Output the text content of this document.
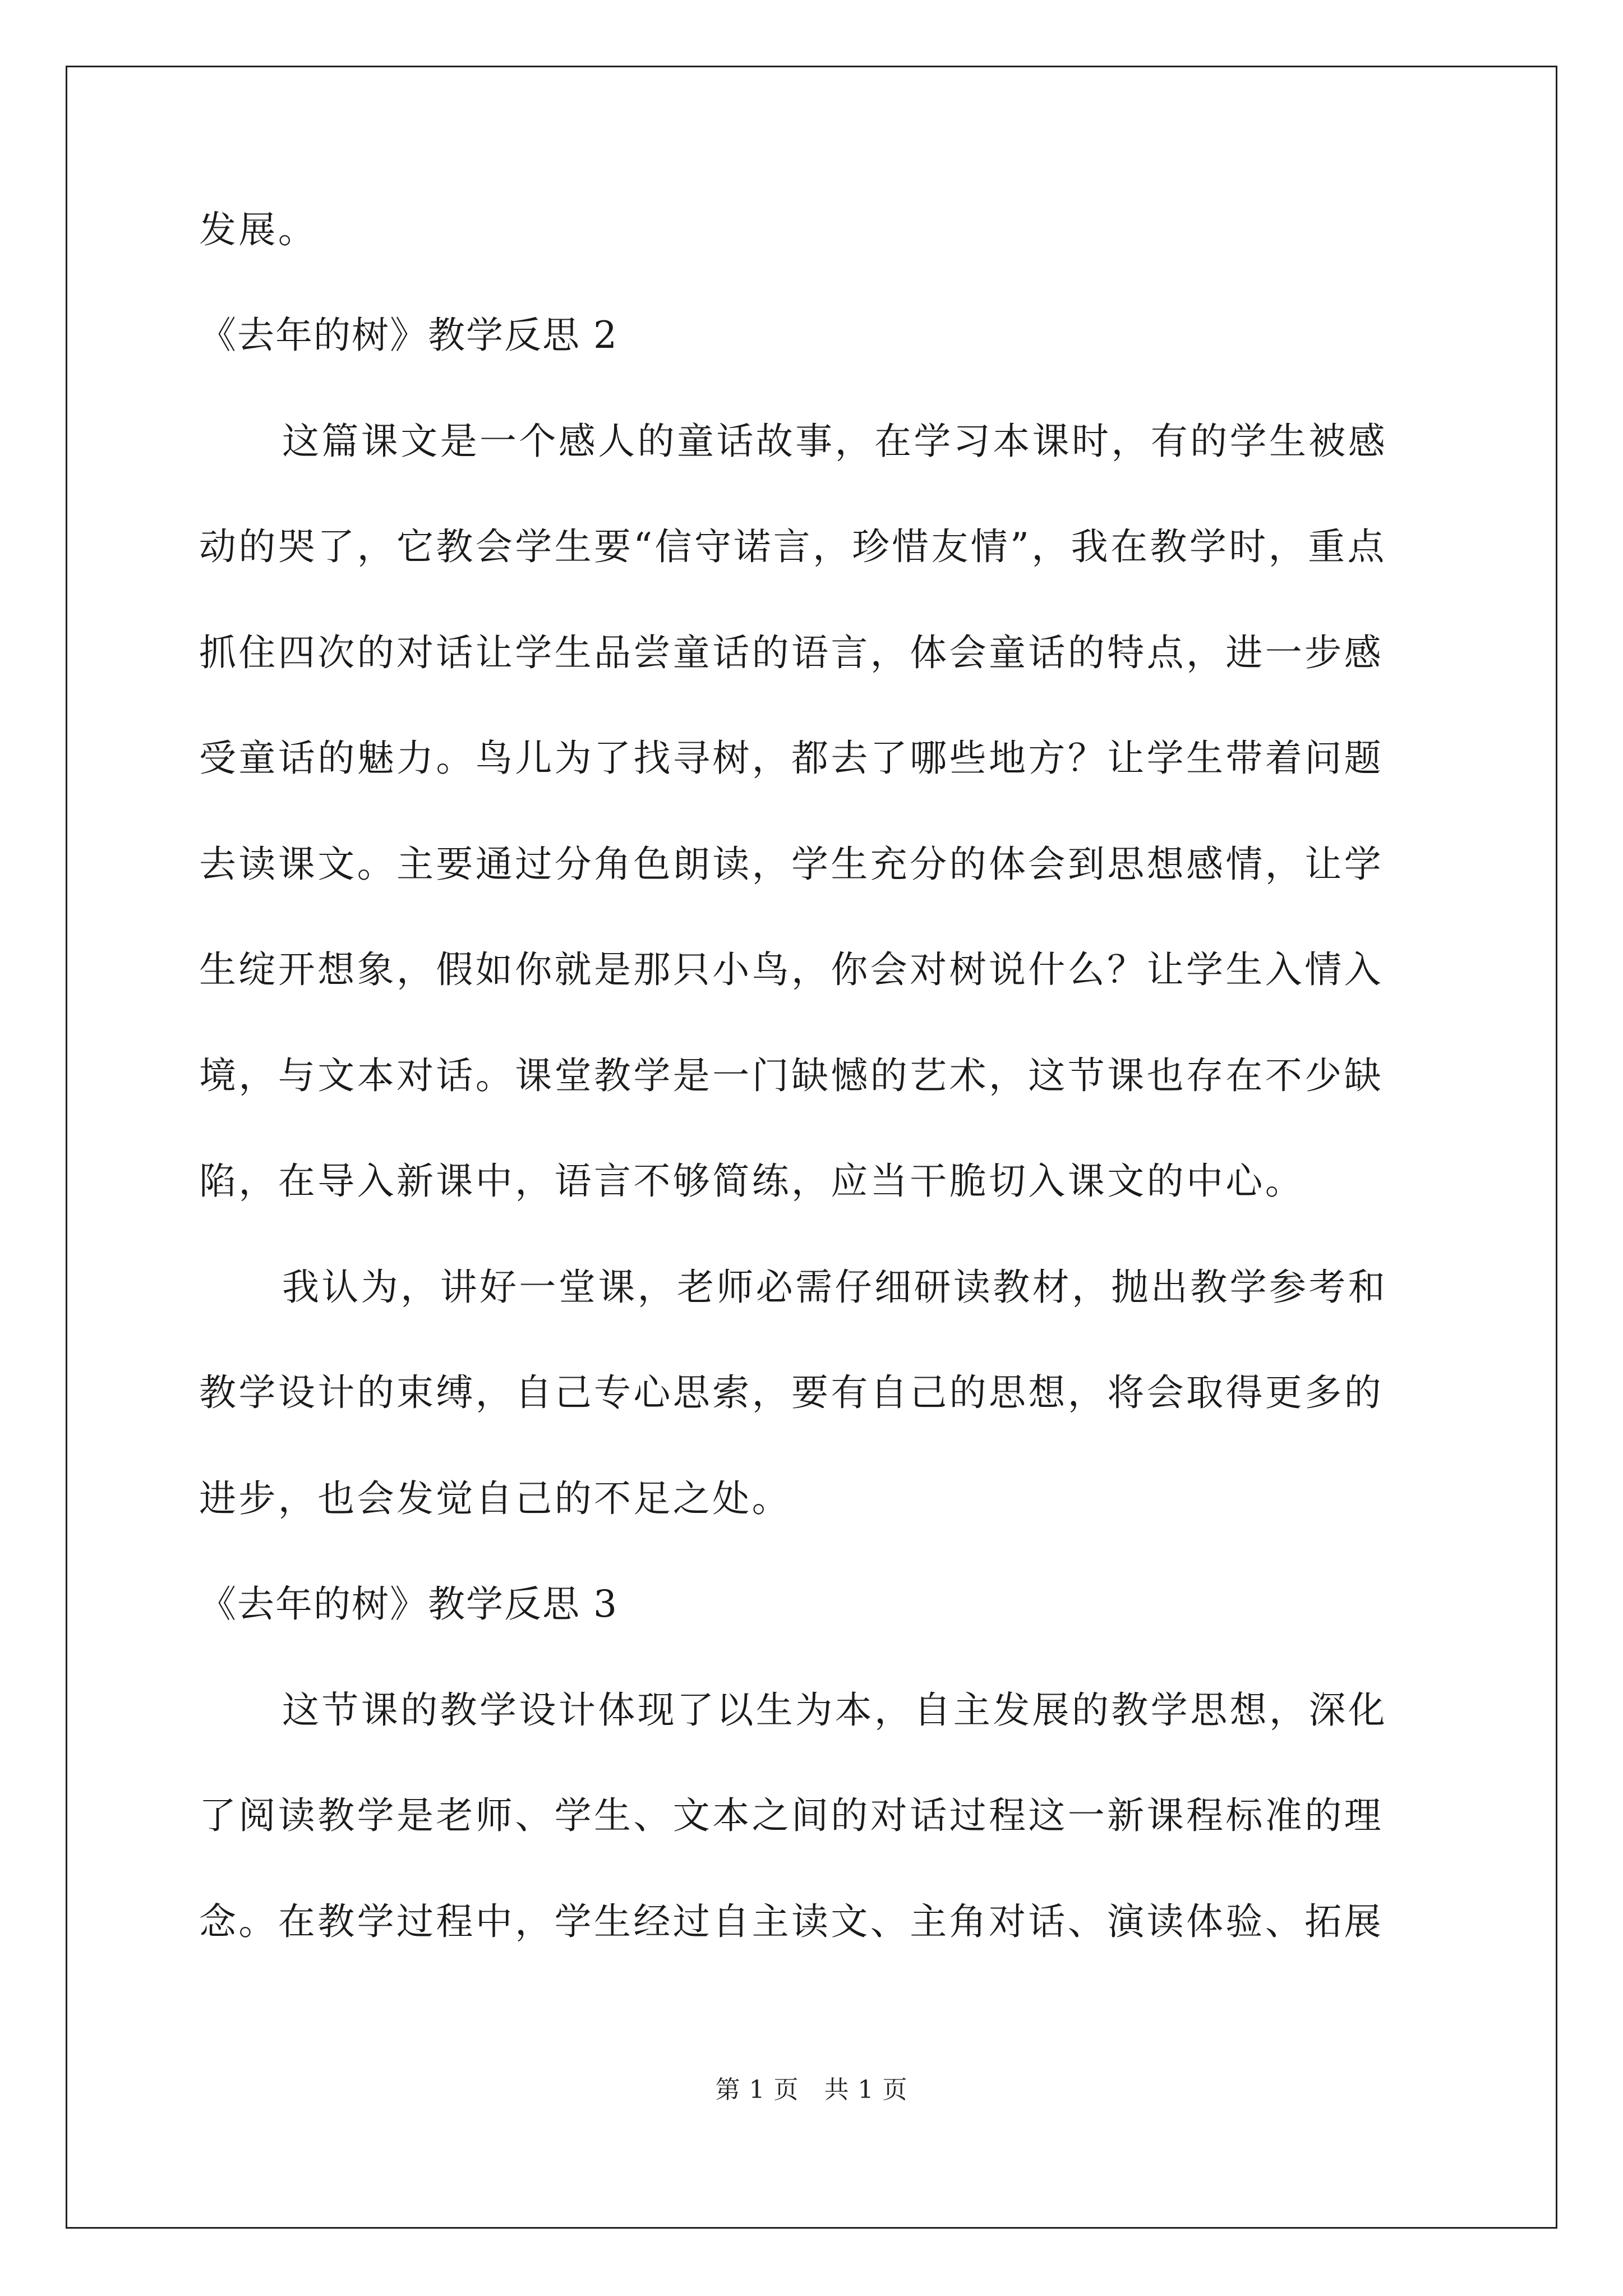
发展。
《去年的树》教学反思 2
这篇课文是一个感人的童话故事，在学习本课时，有的学生被感
动的哭了，它教会学生要“信守诺言，珍惜友情”，我在教学时，重点
抓住四次的对话让学生品尝童话的语言，体会童话的特点，进一步感
受童话的魅力。鸟儿为了找寻树，都去了哪些地方？让学生带着问题
去读课文。主要通过分角色朗读，学生充分的体会到思想感情，让学
生绽开想象，假如你就是那只小鸟，你会对树说什么？让学生入情入
境，与文本对话。课堂教学是一门缺憾的艺术，这节课也存在不少缺
陷，在导入新课中，语言不够简练，应当干脆切入课文的中心。
我认为，讲好一堂课，老师必需仔细研读教材，抛出教学参考和
教学设计的束缚，自己专心思索，要有自己的思想，将会取得更多的
进步，也会发觉自己的不足之处。
《去年的树》教学反思 3
这节课的教学设计体现了以生为本，自主发展的教学思想，深化
了阅读教学是老师、学生、文本之间的对话过程这一新课程标准的理
念。在教学过程中，学生经过自主读文、主角对话、演读体验、拓展
第 1 页　共 1 页
